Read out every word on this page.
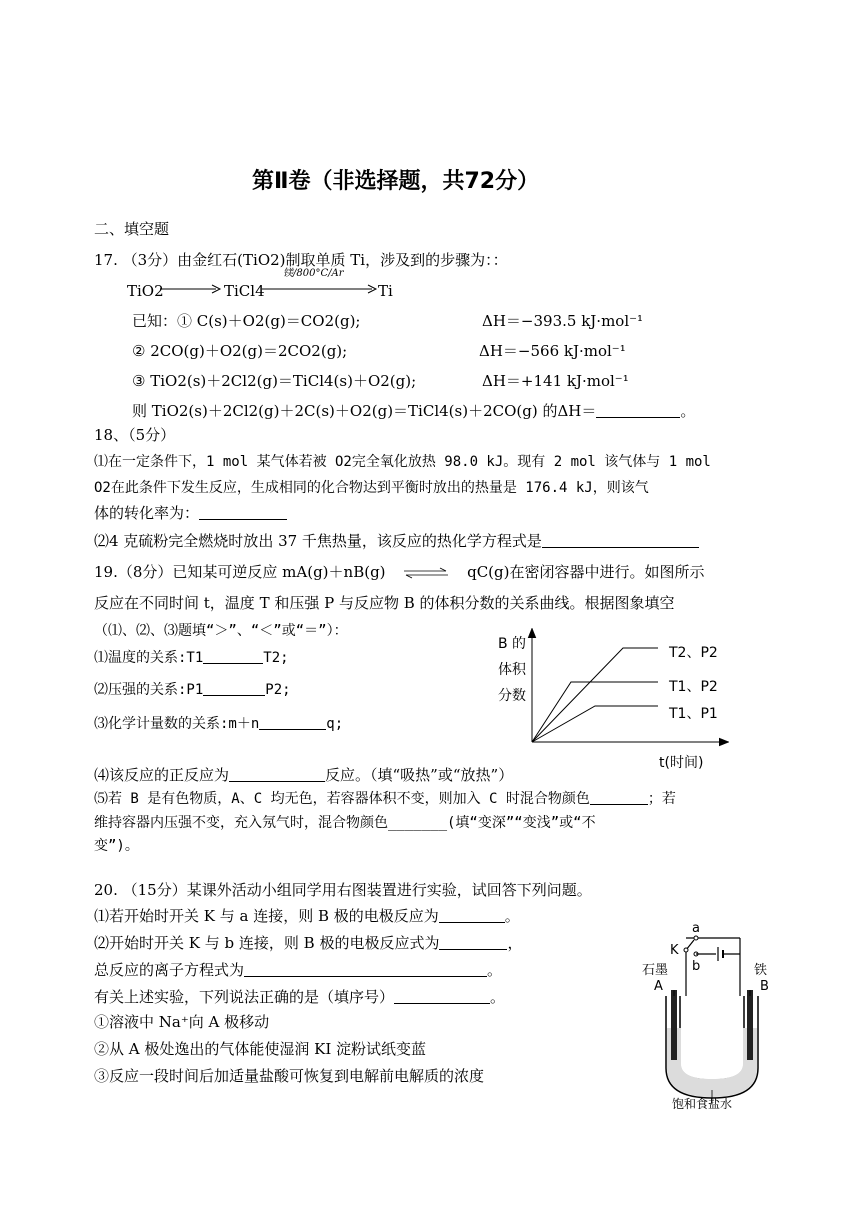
第Ⅱ卷（非选择题，共72分）
二、填空题
17. （3分）由金红石(TiO2)制取单质 Ti，涉及到的步骤为：：
TiO2	TiCl4
镁/800°C/Ar
Ti
已知：① C(s)＋O2(g)＝CO2(g);	ΔH＝−393.5 kJ·mol⁻¹
② 2CO(g)＋O2(g)＝2CO2(g);	ΔH＝−566 kJ·mol⁻¹
③ TiO2(s)＋2Cl2(g)＝TiCl4(s)＋O2(g);	ΔH＝+141 kJ·mol⁻¹
则 TiO2(s)＋2Cl2(g)＋2C(s)＋O2(g)＝TiCl4(s)＋2CO(g) 的ΔH＝	。
18、（5分）
⑴在一定条件下，1 mol 某气体若被 O2完全氧化放热 98.0 kJ。现有 2 mol 该气体与 1 mol
O2在此条件下发生反应，生成相同的化合物达到平衡时放出的热量是 176.4 kJ，则该气
体的转化率为：
⑵4 克硫粉完全燃烧时放出 37 千焦热量，该反应的热化学方程式是
19.（8分）已知某可逆反应 mA(g)＋nB(g) ⇌ qC(g)在密闭容器中进行。如图所示
反应在不同时间 t，温度 T 和压强 P 与反应物 B 的体积分数的关系曲线。根据图象填空
（⑴、⑵、⑶题填“＞”、“＜”或“＝”）：
⑴温度的关系:T1	T2;
⑵压强的关系:P1	P2;
⑶化学计量数的关系:m＋n	q;
B 的
体积
分数
T2、P2
T1、P2
T1、P1
t(时间)
⑷该反应的正反应为	反应。（填“吸热”或“放热”）
⑸若 B 是有色物质，A、C 均无色，若容器体积不变，则加入 C 时混合物颜色	；若
维持容器内压强不变，充入氖气时，混合物颜色_______(填“变深”“变浅”或“不
变”)。
20. （15分）某课外活动小组同学用右图装置进行实验，试回答下列问题。
⑴若开始时开关 K 与 a 连接，则 B 极的电极反应为	。
⑵开始时开关 K 与 b 连接，则 B 极的电极反应式为	，
总反应的离子方程式为	。
有关上述实验，下列说法正确的是（填序号）	。
①溶液中 Na⁺向 A 极移动
②从 A 极处逸出的气体能使湿润 KI 淀粉试纸变蓝
③反应一段时间后加适量盐酸可恢复到电解前电解质的浓度
a
K
b
石墨	铁
A	B
饱和食盐水
